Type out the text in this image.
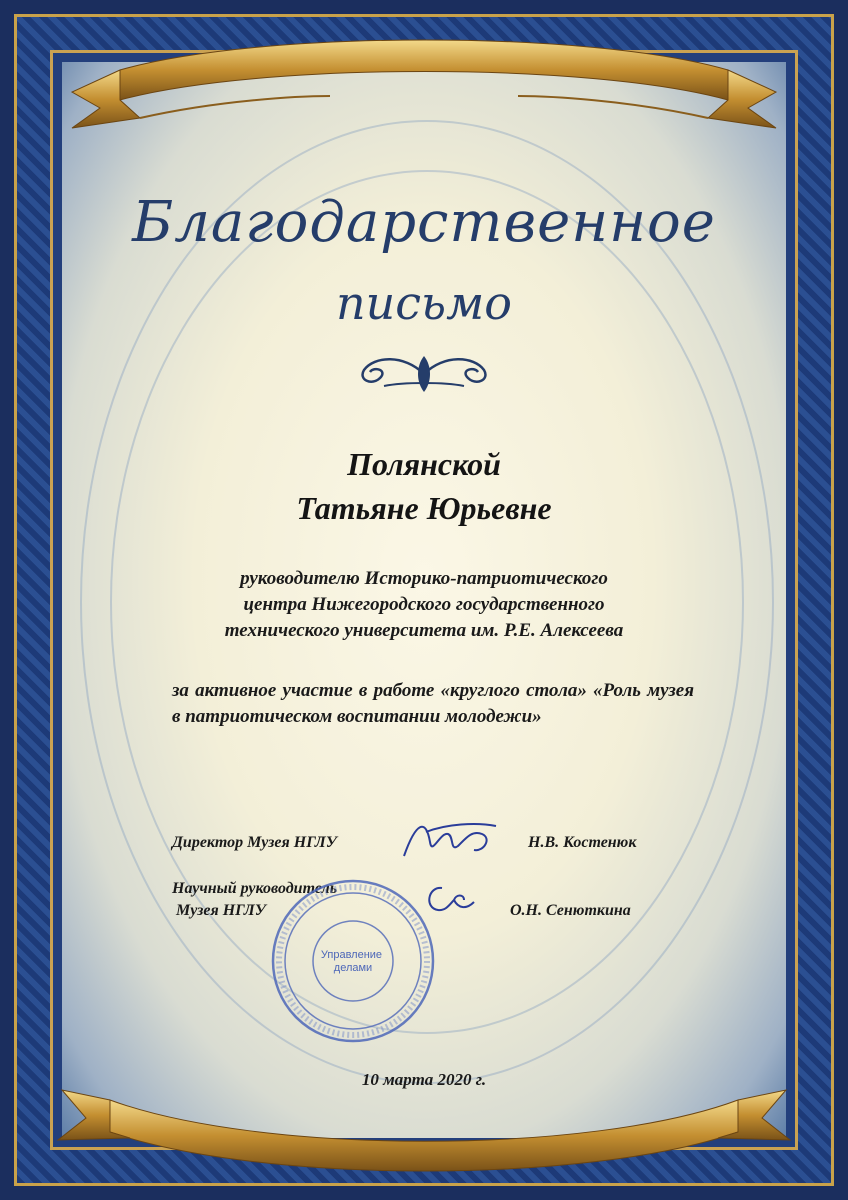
Благодарственное
письмо
Полянской
Татьяне Юрьевне
руководителю Историко-патриотического
центра Нижегородского государственного
технического университета им. Р.Е. Алексеева
за активное участие в работе «круглого стола» «Роль музея в патриотическом воспитании молодежи»
Директор Музея НГЛУ	Н.В. Костенюк
Научный руководитель
Музея НГЛУ	О.Н. Сенюткина
Управление делами
10 марта 2020 г.
